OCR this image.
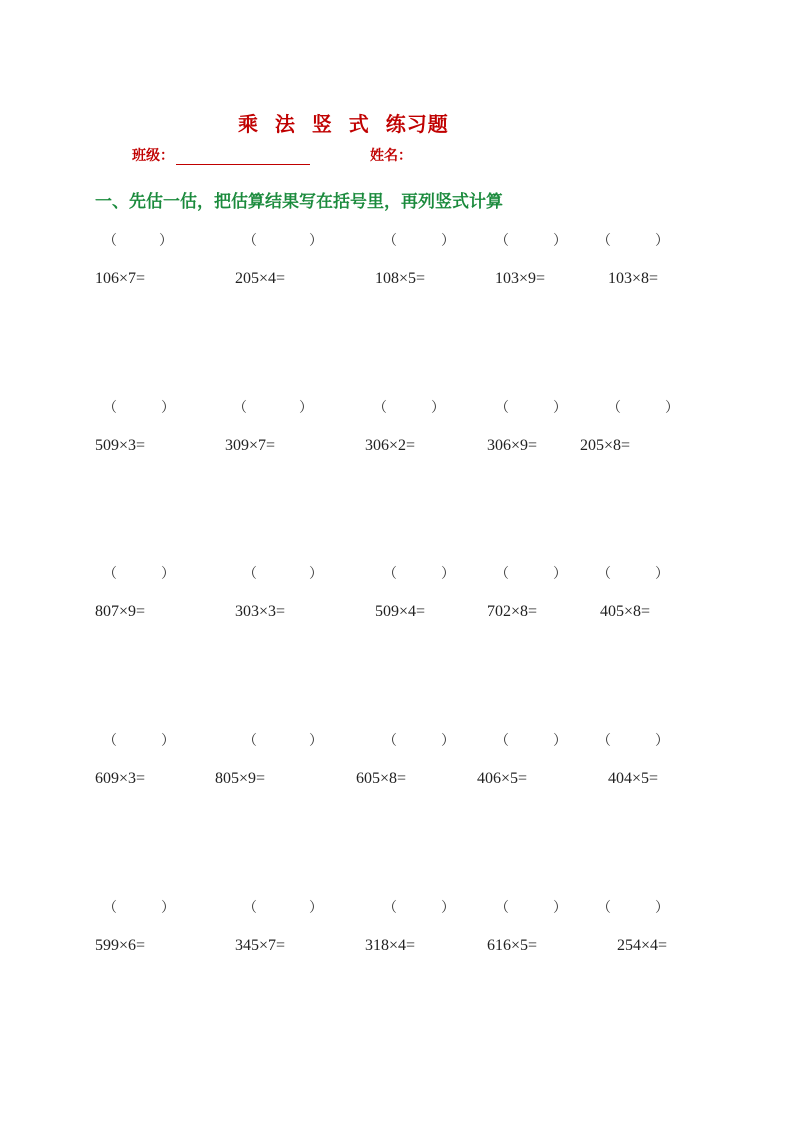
乘  法  竖  式  练习题
班级：	姓名：
一、先估一估，把估算结果写在括号里，再列竖式计算
（	）
106×7=
（	）
205×4=
（	）
108×5=
（	）
103×9=
（	）
103×8=
（	）
509×3=
（	）
309×7=
（	）
306×2=
（	）
306×9=
（	）
205×8=
（	）
807×9=
（	）
303×3=
（	）
509×4=
（	）
702×8=
（	）
405×8=
（	）
609×3=
（	）
805×9=
（	）
605×8=
（	）
406×5=
（	）
404×5=
（	）
599×6=
（	）
345×7=
（	）
318×4=
（	）
616×5=
（	）
254×4=
